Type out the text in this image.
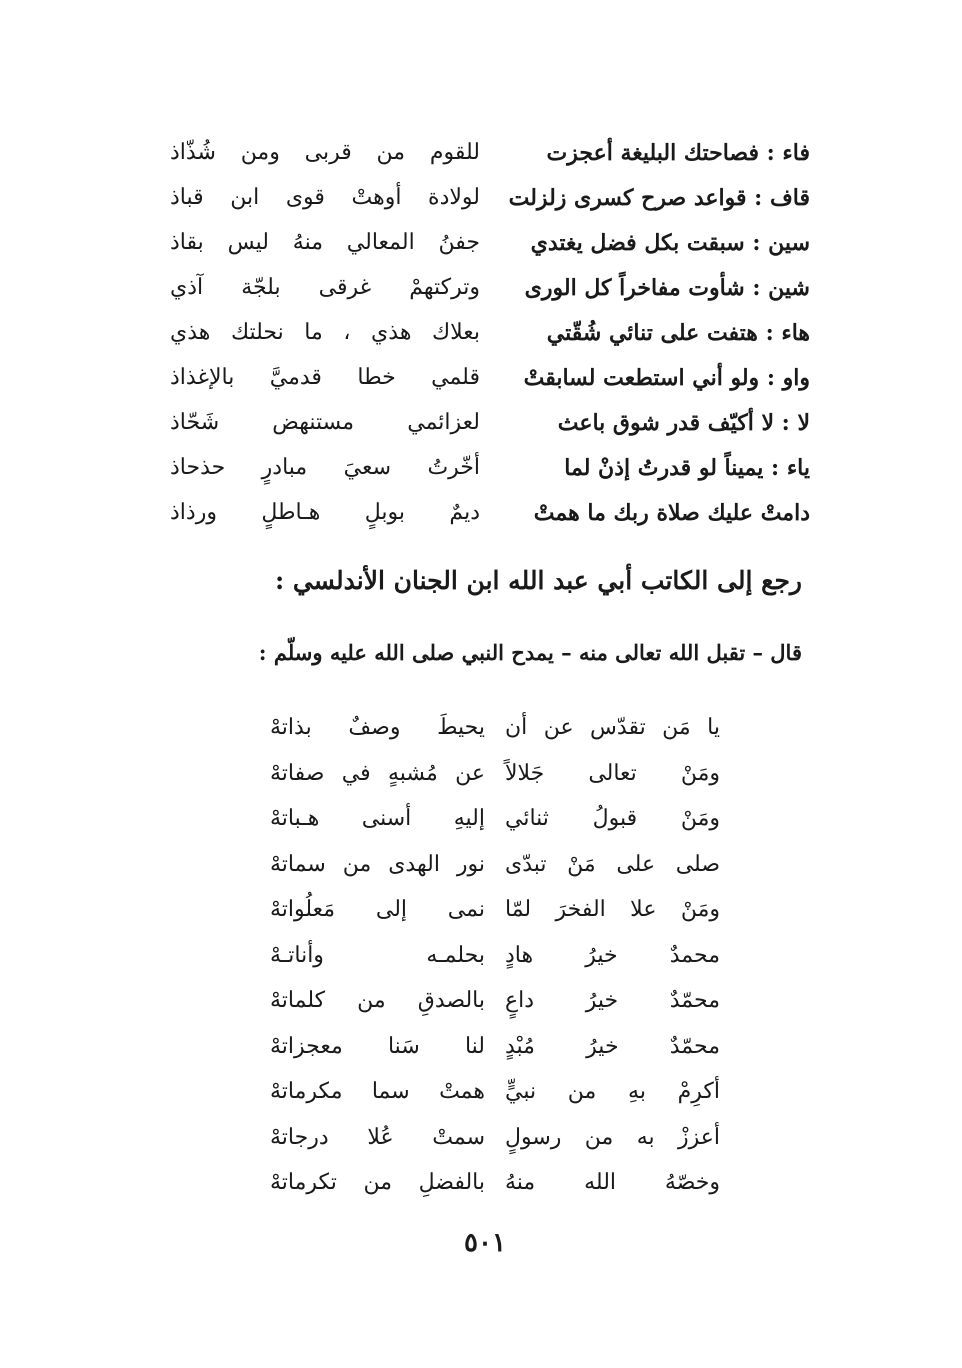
فاء : فصاحتك البليغة أعجزت
للقوم من قربى ومن شُذّاذ
قاف : قواعد صرح كسرى زلزلت
لولادة أوهتْ قوى ابن قباذ
سين : سبقت بكل فضل يغتدي
جفنُ المعالي منهُ ليس بقاذ
شين : شأوت مفاخراً كل الورى
وتركتهمْ غرقى بلجّة آذي
هاء : هتفت على تنائي شُقّتي
بعلاك هذي ، ما نحلتك هذي
واو : ولو أني استطعت لسابقتْ
قلمي خطا قدميَّ بالإغذاذ
لا : لا أكيّف قدر شوق باعث
لعزائمي مستنهض شَحّاذ
ياء : يميناً لو قدرتُ إذنْ لما
أخّرتُ سعيَ مبادرٍ حذحاذ
دامتْ عليك صلاة ربك ما همتْ
ديمٌ بوبلٍ هـاطلٍ ورذاذ
رجع إلى الكاتب أبي عبد الله ابن الجنان الأندلسي :
قال – تقبل الله تعالى منه – يمدح النبي صلى الله عليه وسلّم :
يا مَن تقدّس عن أن
يحيطَ وصفٌ بذاتهْ
ومَنْ تعالى جَلالاً
عن مُشبهٍ في صفاتهْ
ومَنْ قبولُ ثنائي
إليهِ أسنى هـباتهْ
صلى على مَنْ تبدّى
نور الهدى من سماتهْ
ومَنْ علا الفخرَ لمّا
نمى إلى مَعلُواتهْ
محمدٌ خيرُ هادٍ
بحلمـه وأناتـهْ
محمّدٌ خيرُ داعٍ
بالصدقِ من كلماتهْ
محمّدٌ خيرُ مُبْدٍ
لنا سَنا معجزاتهْ
أكرِمْ بهِ من نبيٍّ
همتْ سما مكرماتهْ
أعززْ به من رسولٍ
سمتْ عُلا درجاتهْ
وخصّهُ الله منهُ
بالفضلِ من تكرماتهْ
٥٠١
